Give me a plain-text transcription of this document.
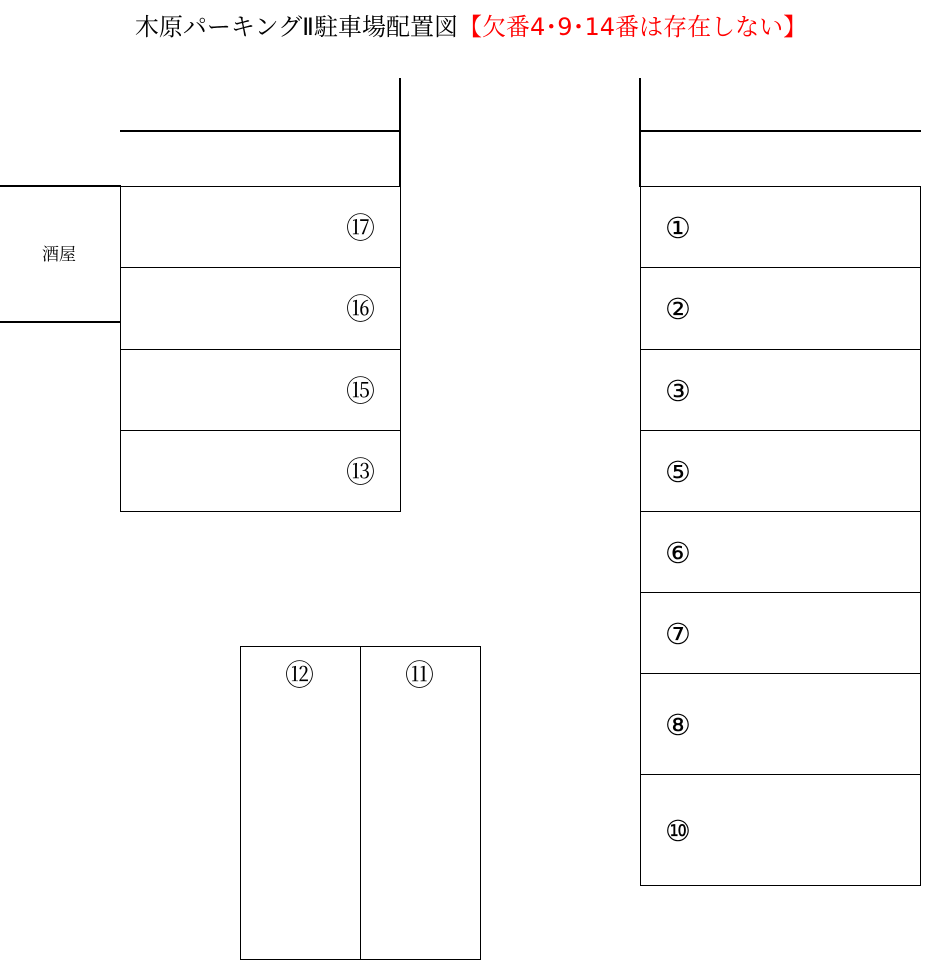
木原パーキングⅡ駐車場配置図【欠番4･9･14番は存在しない】
酒屋
⑰
⑯
⑮
⑬
①
②
③
⑤
⑥
⑦
⑧
⑩
⑫	⑪
